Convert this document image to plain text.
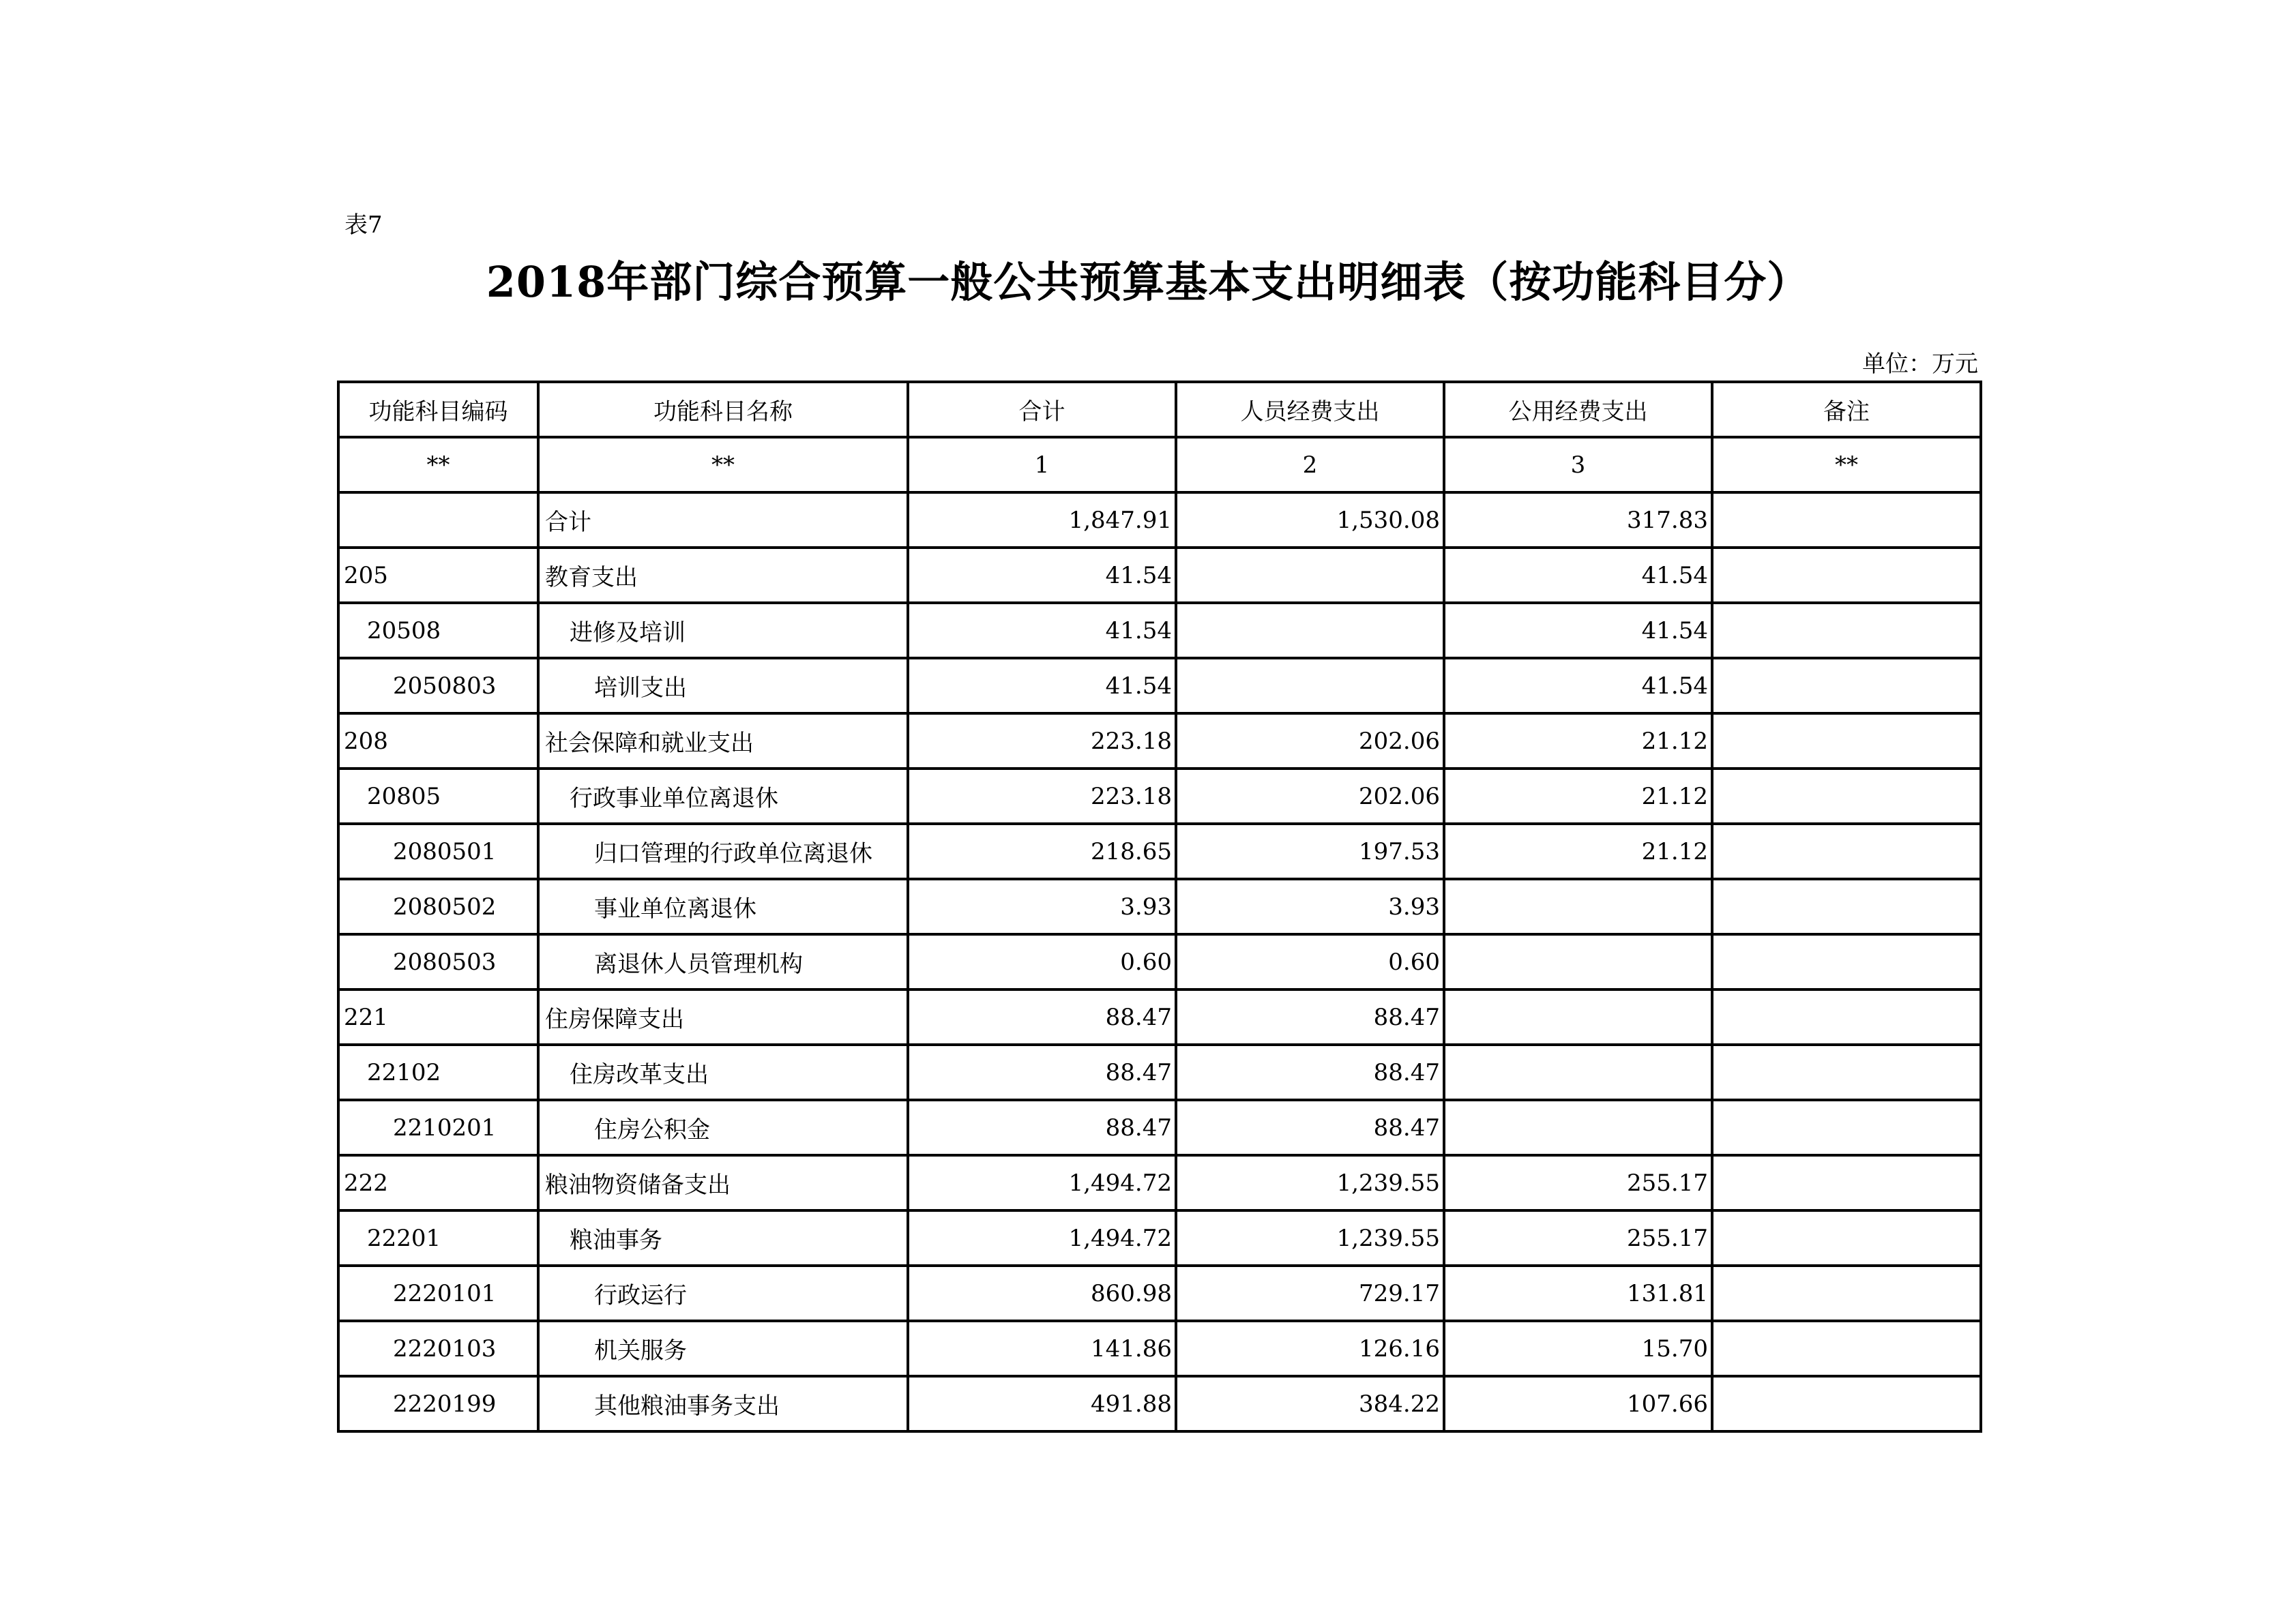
表7
2018年部门综合预算一般公共预算基本支出明细表（按功能科目分）
单位：万元
功能科目编码	功能科目名称	合计	人员经费支出	公用经费支出	备注
**	**	1	2	3	**
	合计	1,847.91	1,530.08	317.83	
205	教育支出	41.54		41.54	
20508	进修及培训	41.54		41.54	
2050803	培训支出	41.54		41.54	
208	社会保障和就业支出	223.18	202.06	21.12	
20805	行政事业单位离退休	223.18	202.06	21.12	
2080501	归口管理的行政单位离退休	218.65	197.53	21.12	
2080502	事业单位离退休	3.93	3.93		
2080503	离退休人员管理机构	0.60	0.60		
221	住房保障支出	88.47	88.47		
22102	住房改革支出	88.47	88.47		
2210201	住房公积金	88.47	88.47		
222	粮油物资储备支出	1,494.72	1,239.55	255.17	
22201	粮油事务	1,494.72	1,239.55	255.17	
2220101	行政运行	860.98	729.17	131.81	
2220103	机关服务	141.86	126.16	15.70	
2220199	其他粮油事务支出	491.88	384.22	107.66	
